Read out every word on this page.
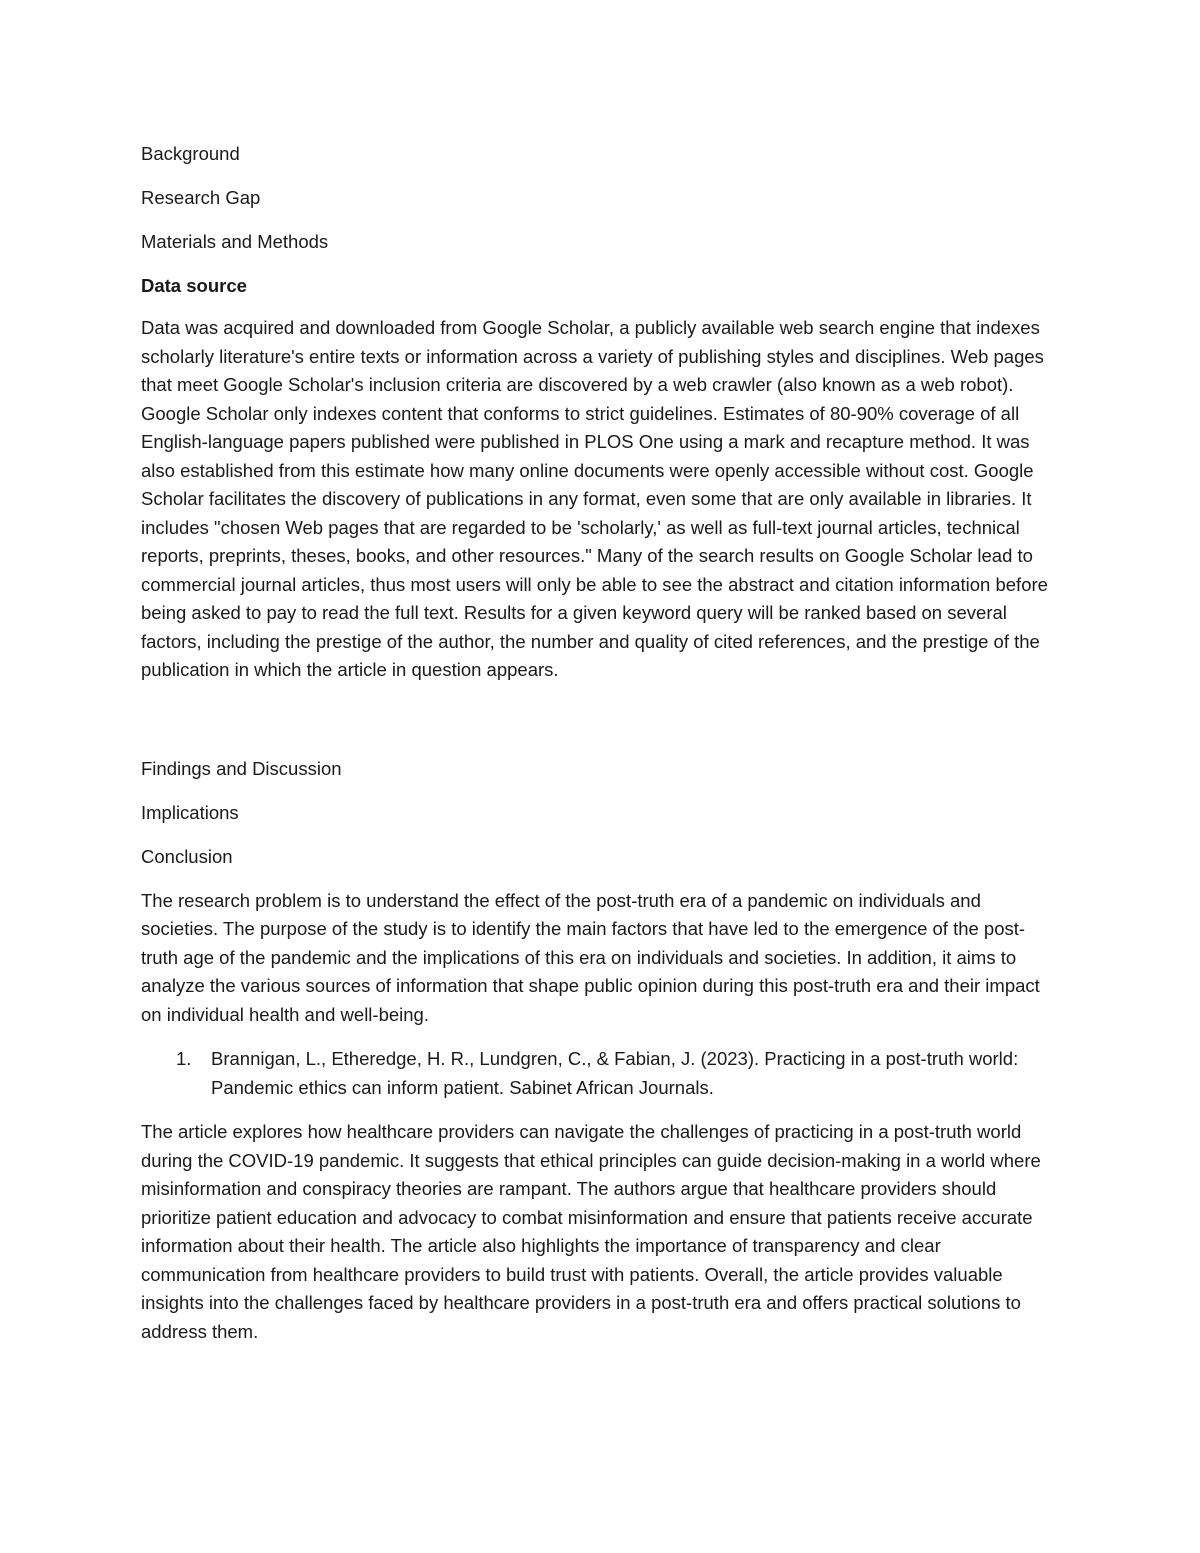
Background

Research Gap

Materials and Methods

Data source

Data was acquired and downloaded from Google Scholar, a publicly available web search engine that indexes scholarly literature's entire texts or information across a variety of publishing styles and disciplines. Web pages that meet Google Scholar's inclusion criteria are discovered by a web crawler (also known as a web robot). Google Scholar only indexes content that conforms to strict guidelines. Estimates of 80-90% coverage of all English-language papers published were published in PLOS One using a mark and recapture method. It was also established from this estimate how many online documents were openly accessible without cost. Google Scholar facilitates the discovery of publications in any format, even some that are only available in libraries. It includes "chosen Web pages that are regarded to be 'scholarly,' as well as full-text journal articles, technical reports, preprints, theses, books, and other resources." Many of the search results on Google Scholar lead to commercial journal articles, thus most users will only be able to see the abstract and citation information before being asked to pay to read the full text. Results for a given keyword query will be ranked based on several factors, including the prestige of the author, the number and quality of cited references, and the prestige of the publication in which the article in question appears.

Findings and Discussion

Implications

Conclusion

The research problem is to understand the effect of the post-truth era of a pandemic on individuals and societies. The purpose of the study is to identify the main factors that have led to the emergence of the post-truth age of the pandemic and the implications of this era on individuals and societies. In addition, it aims to analyze the various sources of information that shape public opinion during this post-truth era and their impact on individual health and well-being.

1.	Brannigan, L., Etheredge, H. R., Lundgren, C., & Fabian, J. (2023). Practicing in a post-truth world: Pandemic ethics can inform patient. Sabinet African Journals.

The article explores how healthcare providers can navigate the challenges of practicing in a post-truth world during the COVID-19 pandemic. It suggests that ethical principles can guide decision-making in a world where misinformation and conspiracy theories are rampant. The authors argue that healthcare providers should prioritize patient education and advocacy to combat misinformation and ensure that patients receive accurate information about their health. The article also highlights the importance of transparency and clear communication from healthcare providers to build trust with patients. Overall, the article provides valuable insights into the challenges faced by healthcare providers in a post-truth era and offers practical solutions to address them.
